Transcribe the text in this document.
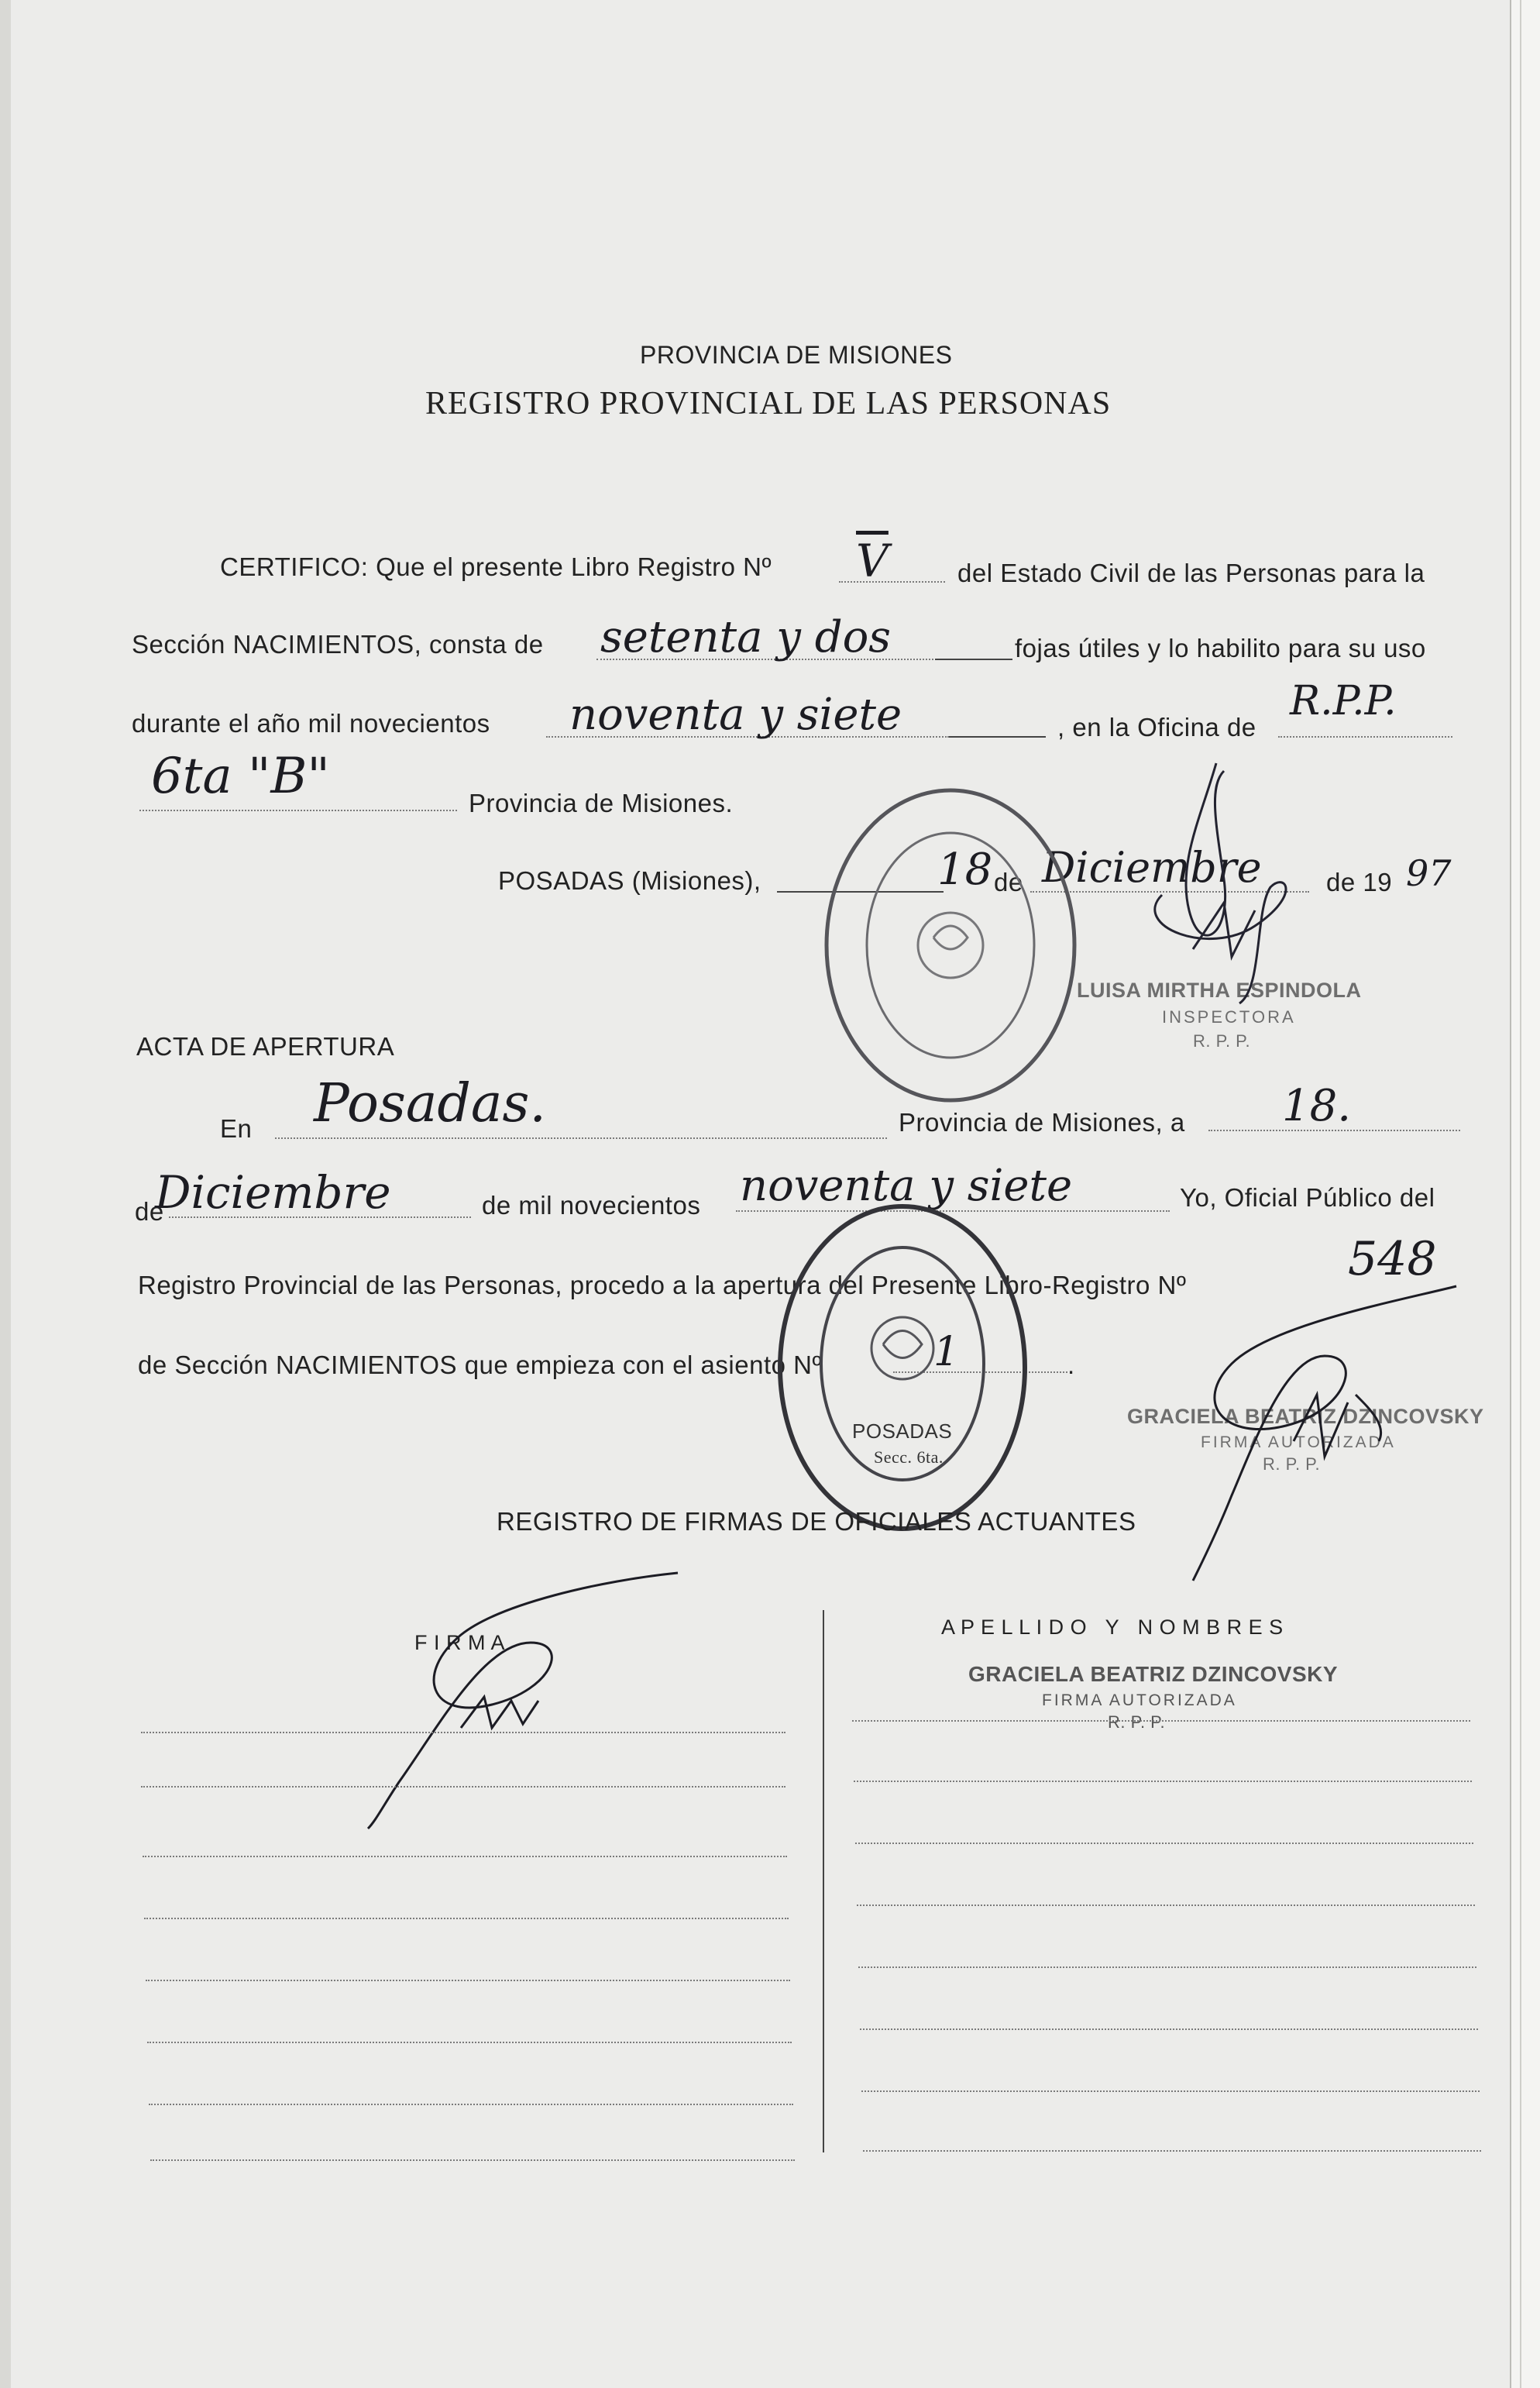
PROVINCIA DE MISIONES
REGISTRO PROVINCIAL DE LAS PERSONAS
CERTIFICO: Que el presente Libro Registro Nº $\overline{V}$	del Estado Civil de las Personas para la
Sección NACIMIENTOS, consta de setenta y dos	fojas útiles y lo habilito para su uso
durante el año mil novecientos noventa y siete	, en la Oficina de
R.P.P.
6ta "B"	Provincia de Misiones.
POSADAS (Misiones),	18 de Diciembre	de 19 97
LUISA MIRTHA ESPINDOLA
INSPECTORA
R. P. P.
ACTA DE APERTURA
En Posadas.	Provincia de Misiones, a 18.
de
Diciembre	de mil novecientos noventa y siete	Yo, Oficial Público del
Registro Provincial de las Personas, procedo a la apertura del Presente Libro-Registro Nº	548
de Sección NACIMIENTOS que empieza con el asiento Nº	1	.
POSADAS
Secc. 6ta.
GRACIELA BEATRIZ DZINCOVSKY
FIRMA AUTORIZADA
R. P. P.
REGISTRO DE FIRMAS DE OFICIALES ACTUANTES
F I R M A
A P E L L I D O   Y   N O M B R E S
GRACIELA BEATRIZ DZINCOVSKY
FIRMA AUTORIZADA
R. P. P.
